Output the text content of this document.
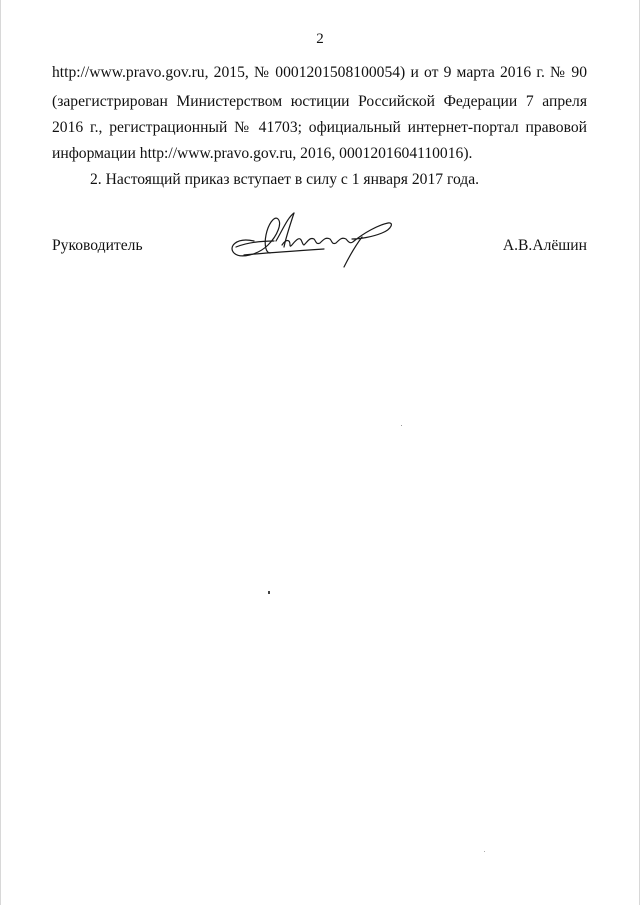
2
http://www.pravo.gov.ru, 2015, № 0001201508100054) и от 9 марта 2016 г. № 90
(зарегистрирован Министерством юстиции Российской Федерации 7 апреля
2016 г., регистрационный № 41703; официальный интернет-портал правовой
информации http://www.pravo.gov.ru, 2016, 0001201604110016).
2. Настоящий приказ вступает в силу с 1 января 2017 года.
Руководитель	А.В.Алёшин
